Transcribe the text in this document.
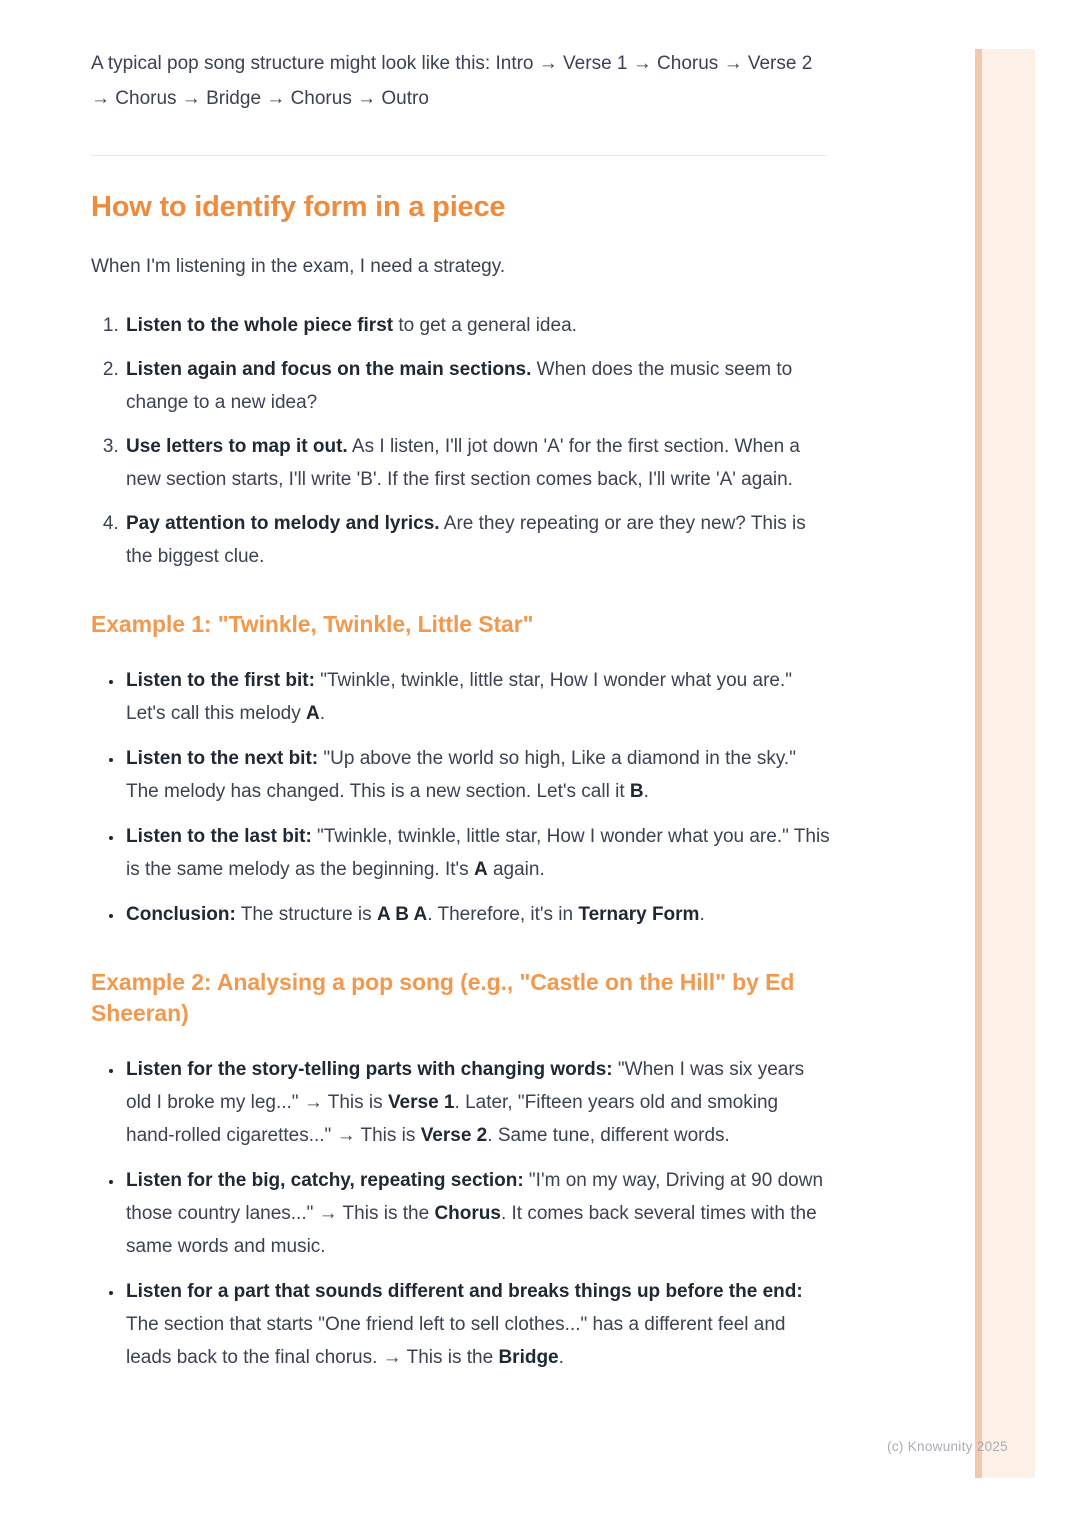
A typical pop song structure might look like this: Intro → Verse 1 → Chorus → Verse 2 → Chorus → Bridge → Chorus → Outro

How to identify form in a piece

When I'm listening in the exam, I need a strategy.

1. Listen to the whole piece first to get a general idea.
2. Listen again and focus on the main sections. When does the music seem to change to a new idea?
3. Use letters to map it out. As I listen, I'll jot down 'A' for the first section. When a new section starts, I'll write 'B'. If the first section comes back, I'll write 'A' again.
4. Pay attention to melody and lyrics. Are they repeating or are they new? This is the biggest clue.
Example 1: "Twinkle, Twinkle, Little Star"
• Listen to the first bit: "Twinkle, twinkle, little star, How I wonder what you are." Let's call this melody A.
• Listen to the next bit: "Up above the world so high, Like a diamond in the sky." The melody has changed. This is a new section. Let's call it B.
• Listen to the last bit: "Twinkle, twinkle, little star, How I wonder what you are." This is the same melody as the beginning. It's A again.
• Conclusion: The structure is A B A. Therefore, it's in Ternary Form.
Example 2: Analysing a pop song (e.g., "Castle on the Hill" by Ed Sheeran)
• Listen for the story-telling parts with changing words: "When I was six years old I broke my leg..." → This is Verse 1. Later, "Fifteen years old and smoking hand-rolled cigarettes..." → This is Verse 2. Same tune, different words.
• Listen for the big, catchy, repeating section: "I'm on my way, Driving at 90 down those country lanes..." → This is the Chorus. It comes back several times with the same words and music.
• Listen for a part that sounds different and breaks things up before the end: The section that starts "One friend left to sell clothes..." has a different feel and leads back to the final chorus. → This is the Bridge.
(c) Knowunity 2025
